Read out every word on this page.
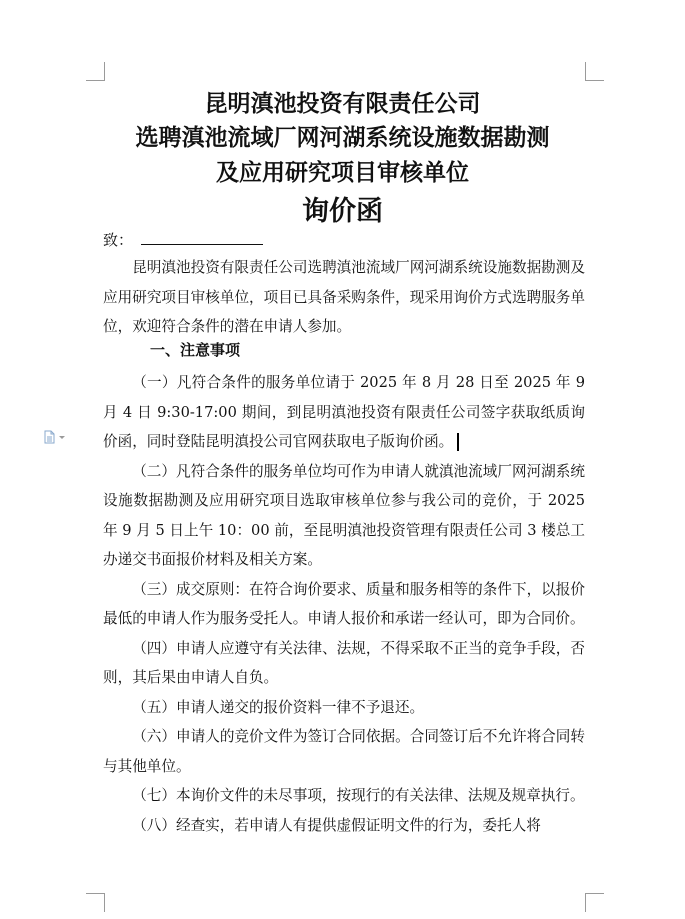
昆明滇池投资有限责任公司
选聘滇池流域厂网河湖系统设施数据勘测
及应用研究项目审核单位
询价函
致：
昆明滇池投资有限责任公司选聘滇池流域厂网河湖系统设施数据勘测及应用研究项目审核单位，项目已具备采购条件，现采用询价方式选聘服务单位，欢迎符合条件的潜在申请人参加。
一、注意事项

（一）凡符合条件的服务单位请于 2025 年 8 月 28 日至 2025 年 9 月 4 日 9:30-17:00 期间，到昆明滇池投资有限责任公司签字获取纸质询价函，同时登陆昆明滇投公司官网获取电子版询价函。

（二）凡符合条件的服务单位均可作为申请人就滇池流域厂网河湖系统设施数据勘测及应用研究项目选取审核单位参与我公司的竞价，于 2025 年 9 月 5 日上午 10：00 前，至昆明滇池投资管理有限责任公司 3 楼总工办递交书面报价材料及相关方案。

（三）成交原则：在符合询价要求、质量和服务相等的条件下，以报价最低的申请人作为服务受托人。申请人报价和承诺一经认可，即为合同价。

（四）申请人应遵守有关法律、法规，不得采取不正当的竞争手段，否则，其后果由申请人自负。

（五）申请人递交的报价资料一律不予退还。

（六）申请人的竞价文件为签订合同依据。合同签订后不允许将合同转与其他单位。

（七）本询价文件的未尽事项，按现行的有关法律、法规及规章执行。

（八）经查实，若申请人有提供虚假证明文件的行为，委托人将
